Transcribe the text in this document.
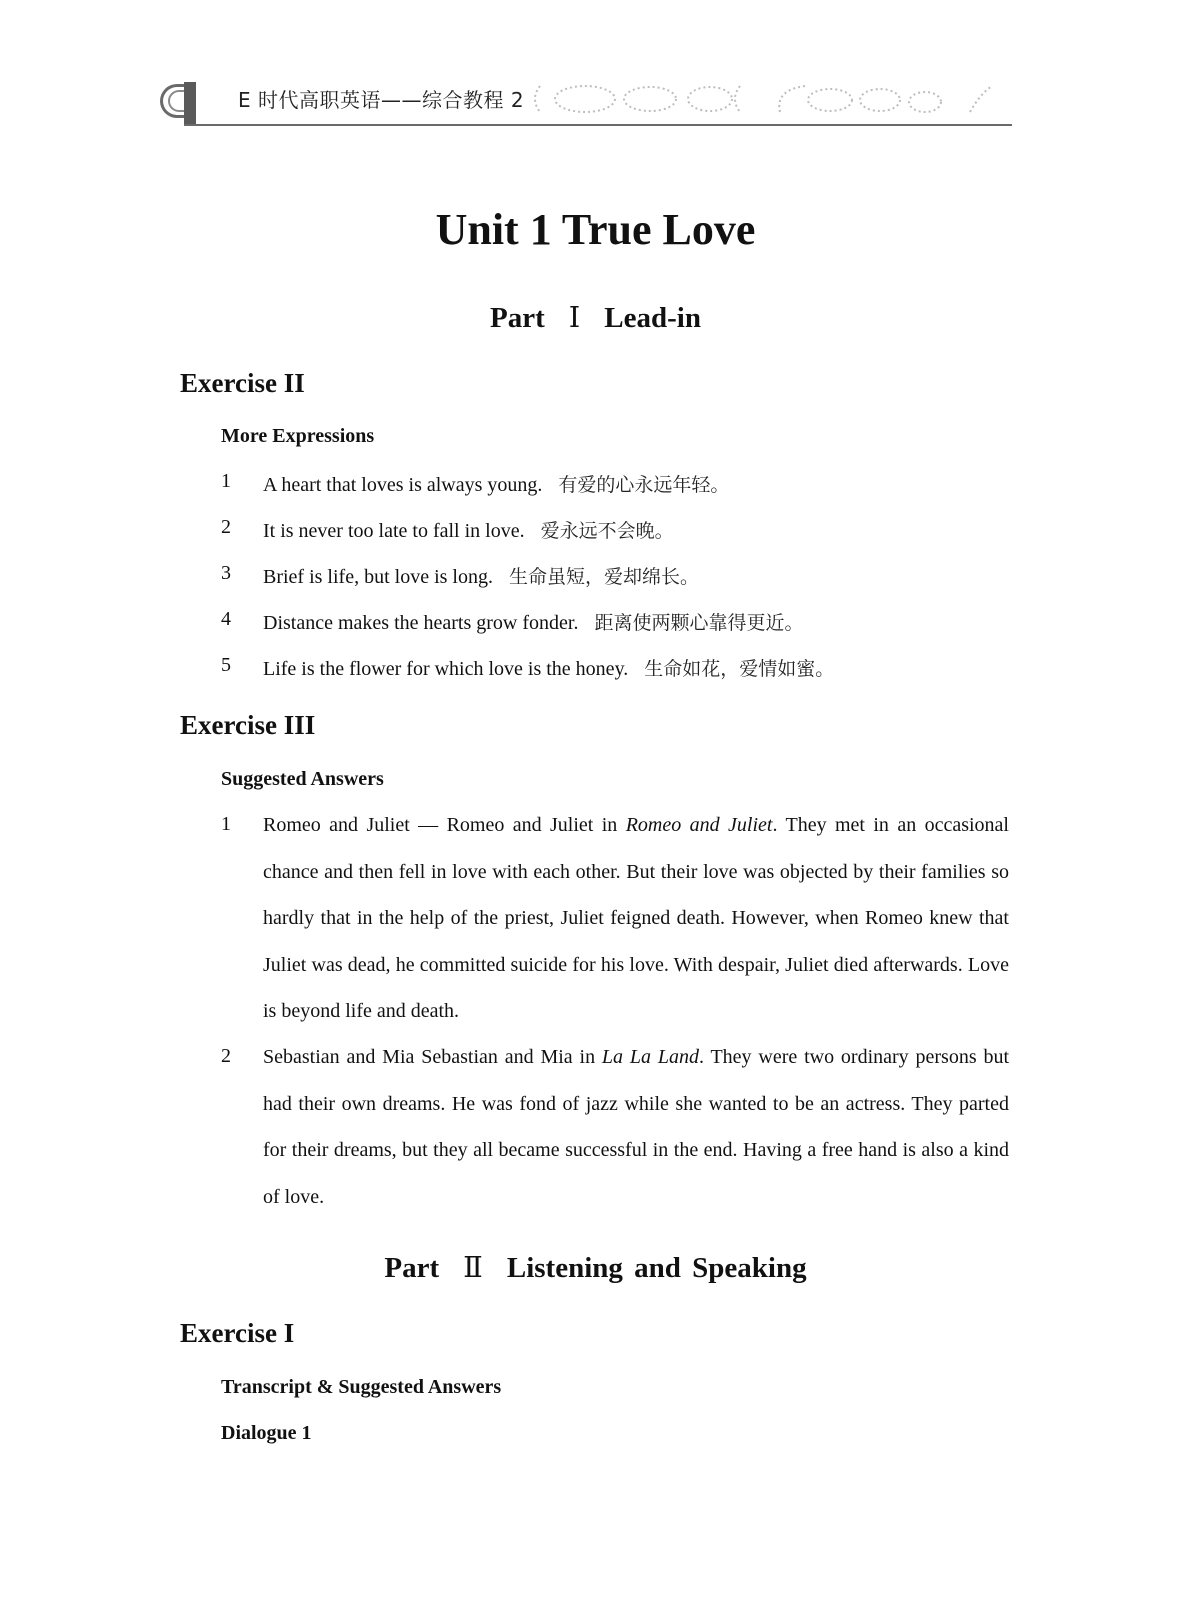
E 时代高职英语——综合教程 2
Unit 1 True Love
Part Ⅰ Lead-in
Exercise II
More Expressions
1 A heart that loves is always young. 有爱的心永远年轻。
2 It is never too late to fall in love. 爱永远不会晚。
3 Brief is life, but love is long. 生命虽短，爱却绵长。
4 Distance makes the hearts grow fonder. 距离使两颗心靠得更近。
5 Life is the flower for which love is the honey. 生命如花，爱情如蜜。
Exercise III
Suggested Answers
1 Romeo and Juliet — Romeo and Juliet in Romeo and Juliet. They met in an occasional chance and then fell in love with each other. But their love was objected by their families so hardly that in the help of the priest, Juliet feigned death. However, when Romeo knew that Juliet was dead, he committed suicide for his love. With despair, Juliet died afterwards. Love is beyond life and death.
2 Sebastian and Mia Sebastian and Mia in La La Land. They were two ordinary persons but had their own dreams. He was fond of jazz while she wanted to be an actress. They parted for their dreams, but they all became successful in the end. Having a free hand is also a kind of love.
Part Ⅱ Listening and Speaking
Exercise I
Transcript & Suggested Answers
Dialogue 1
